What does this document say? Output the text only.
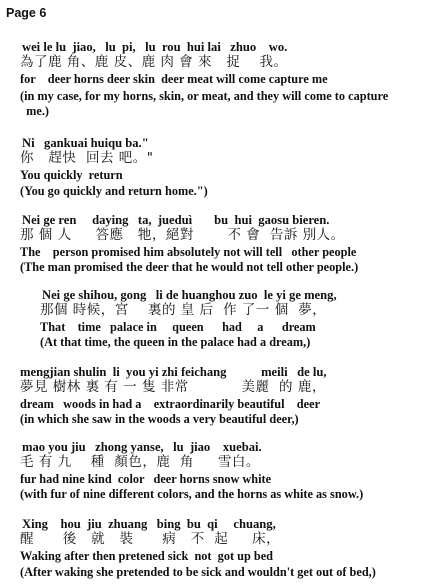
Page 6
wei le lu  jiao,   lu  pi,   lu  rou  hui lai   zhuo    wo.
為了鹿 角、鹿 皮、鹿 肉 會 來   捉    我。
for    deer horns deer skin  deer meat will come capture me
(in my case, for my horns, skin, or meat, and they will come to capture
me.)
Ni   gankuai huiqu ba."
你   趕快  回去 吧。"
You quickly  return
(You go quickly and return home.")
Nei ge ren     daying   ta,  jueduì       bu  hui  gaosu bieren.
那 個 人     答應   牠，絕對       不 會  告訴 別人。
The    person promised him absolutely not will tell   other people
(The man promised the deer that he would not tell other people.)
Nei ge shihou, gong   li de huanghou zuo  le yi ge meng,
那個 時候，宮    裏的 皇 后  作 了一 個  夢，
That    time   palace in     queen      had     a      dream
(At that time, the queen in the palace had a dream,)
mengjian shulin  li  you yi zhi feichang           meili   de lu,
夢見 樹林 裏 有 一 隻 非常           美麗  的 鹿，
dream   woods in had a    extraordinarily beautiful    deer
(in which she saw in the woods a very beautiful deer,)
mao you jiu   zhong yanse,   lu  jiao    xuebai.
毛 有 九    種  顏色，鹿  角     雪白。
fur had nine kind  color   deer horns snow white
(with fur of nine different colors, and the horns as white as snow.)
Xing    hou  jiu  zhuang   bing  bu  qi     chuang,
醒      後   就   裝      病   不  起     床，
Waking after then pretened sick  not  got up bed
(After waking she pretended to be sick and wouldn't get out of bed,)
